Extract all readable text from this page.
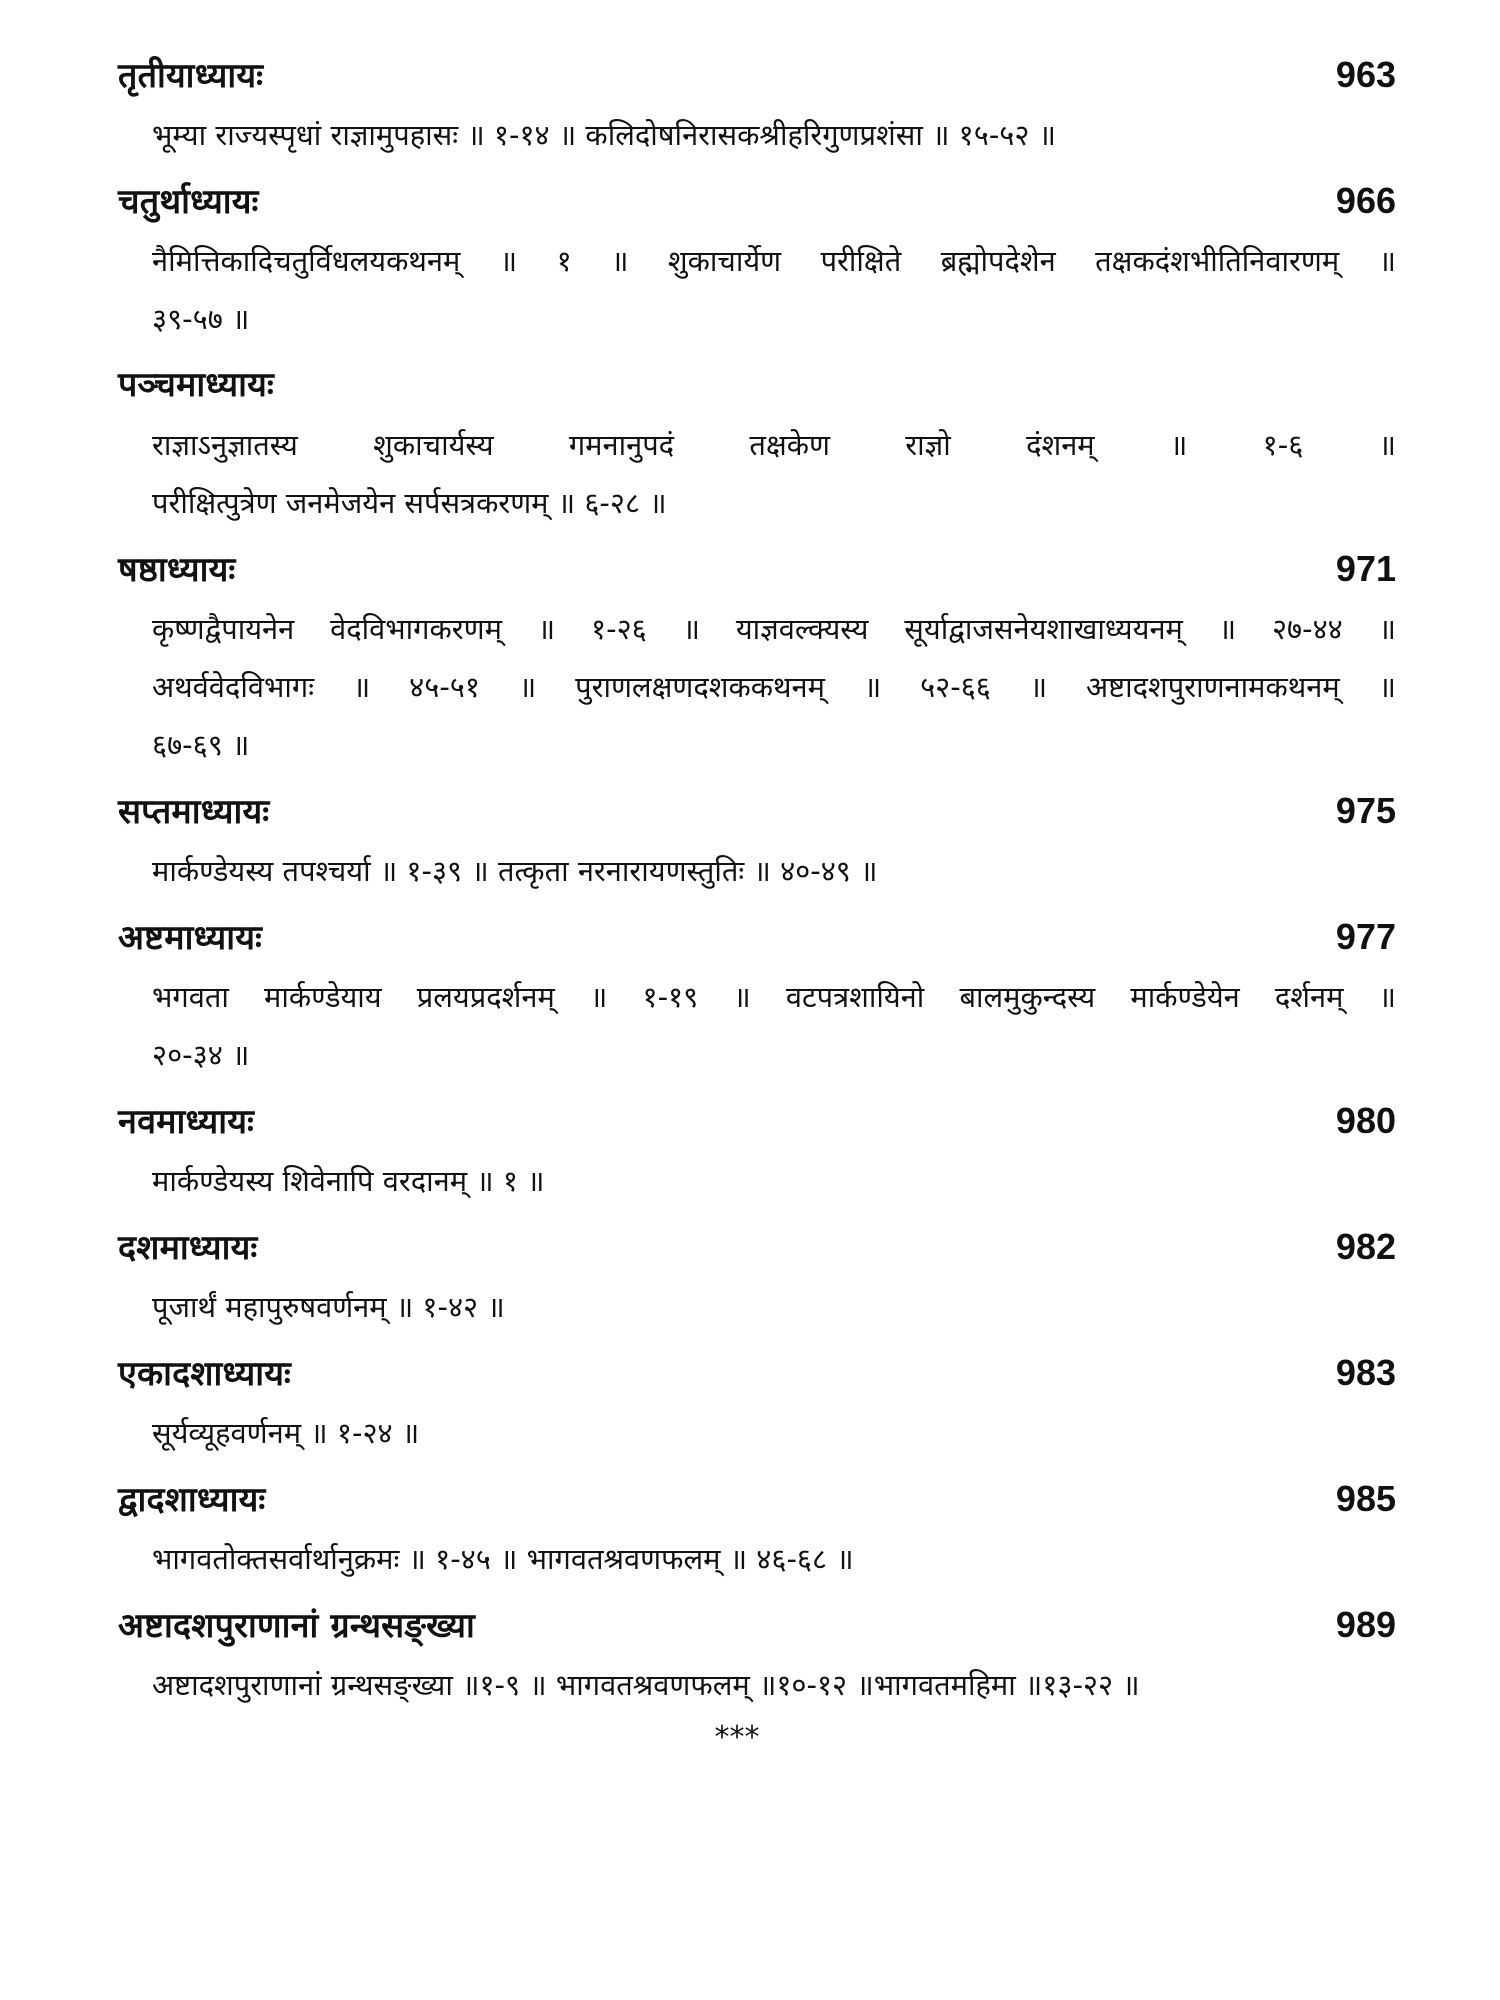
तृतीयाध्यायः	963
भूम्या राज्यस्पृधां राज्ञामुपहासः ॥ १-१४ ॥ कलिदोषनिरासकश्रीहरिगुणप्रशंसा ॥ १५-५२ ॥
चतुर्थाध्यायः	966
नैमित्तिकादिचतुर्विधलयकथनम् ॥ १ ॥ शुकाचार्येण परीक्षिते ब्रह्मोपदेशेन तक्षकदंशभीतिनिवारणम् ॥
३९-५७ ॥
पञ्चमाध्यायः
राज्ञाऽनुज्ञातस्य शुकाचार्यस्य गमनानुपदं तक्षकेण राज्ञो दंशनम् ॥ १-६ ॥
परीक्षित्पुत्रेण जनमेजयेन सर्पसत्रकरणम् ॥ ६-२८ ॥
षष्ठाध्यायः	971
कृष्णद्वैपायनेन वेदविभागकरणम् ॥ १-२६ ॥ याज्ञवल्क्यस्य सूर्याद्वाजसनेयशाखाध्ययनम् ॥ २७-४४ ॥
अथर्ववेदविभागः ॥ ४५-५१ ॥ पुराणलक्षणदशककथनम् ॥ ५२-६६ ॥ अष्टादशपुराणनामकथनम् ॥
६७-६९ ॥
सप्तमाध्यायः	975
मार्कण्डेयस्य तपश्चर्या ॥ १-३९ ॥ तत्कृता नरनारायणस्तुतिः ॥ ४०-४९ ॥
अष्टमाध्यायः	977
भगवता मार्कण्डेयाय प्रलयप्रदर्शनम् ॥ १-१९ ॥ वटपत्रशायिनो बालमुकुन्दस्य मार्कण्डेयेन दर्शनम् ॥
२०-३४ ॥
नवमाध्यायः	980
मार्कण्डेयस्य शिवेनापि वरदानम् ॥ १ ॥
दशमाध्यायः	982
पूजार्थं महापुरुषवर्णनम् ॥ १-४२ ॥
एकादशाध्यायः	983
सूर्यव्यूहवर्णनम् ॥ १-२४ ॥
द्वादशाध्यायः	985
भागवतोक्तसर्वार्थानुक्रमः ॥ १-४५ ॥ भागवतश्रवणफलम् ॥ ४६-६८ ॥
अष्टादशपुराणानां ग्रन्थसङ्ख्या	989
अष्टादशपुराणानां ग्रन्थसङ्ख्या ॥१-९ ॥ भागवतश्रवणफलम् ॥१०-१२ ॥भागवतमहिमा ॥१३-२२ ॥
***
